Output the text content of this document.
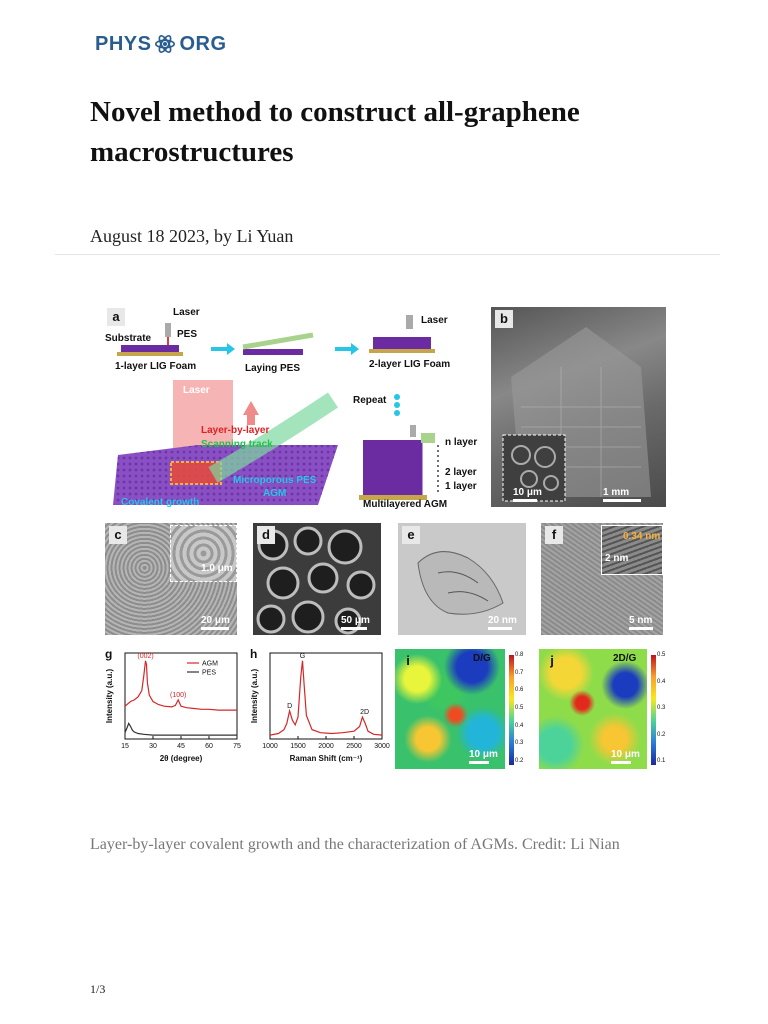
PHYS ORG
Novel method to construct all-graphene macrostructures
August 18 2023, by Li Yuan
a	Laser
Substrate	PES
1-layer LIG Foam	Laying PES
Laser
2-layer LIG Foam
Repeat
Laser
Layer-by-layer
Scanning track
Microporous PES
AGM
Covalent growth
n layer
2 layer
1 layer
Multilayered AGM
b
10 μm	1 mm
c
1.0 μm
20 μm
d
50 μm
e
20 nm
f	0.34 nm
2 nm
5 nm
15	30	45	60	75
2θ (degree)
Intensity (a.u.)
(002)
(100)
g
AGM
PES
1000 1500 2000 2500 3000
Raman Shift (cm⁻¹)
Intensity (a.u.)	D
G
2D
h	0.8
0.7
0.6
0.5
0.4
0.3
0.2
i	D/G
10 μm
0.5
0.4
0.3
0.2
0.1
j	2D/G
10 μm

Layer-by-layer covalent growth and the characterization of AGMs. Credit: Li Nian

1/3
